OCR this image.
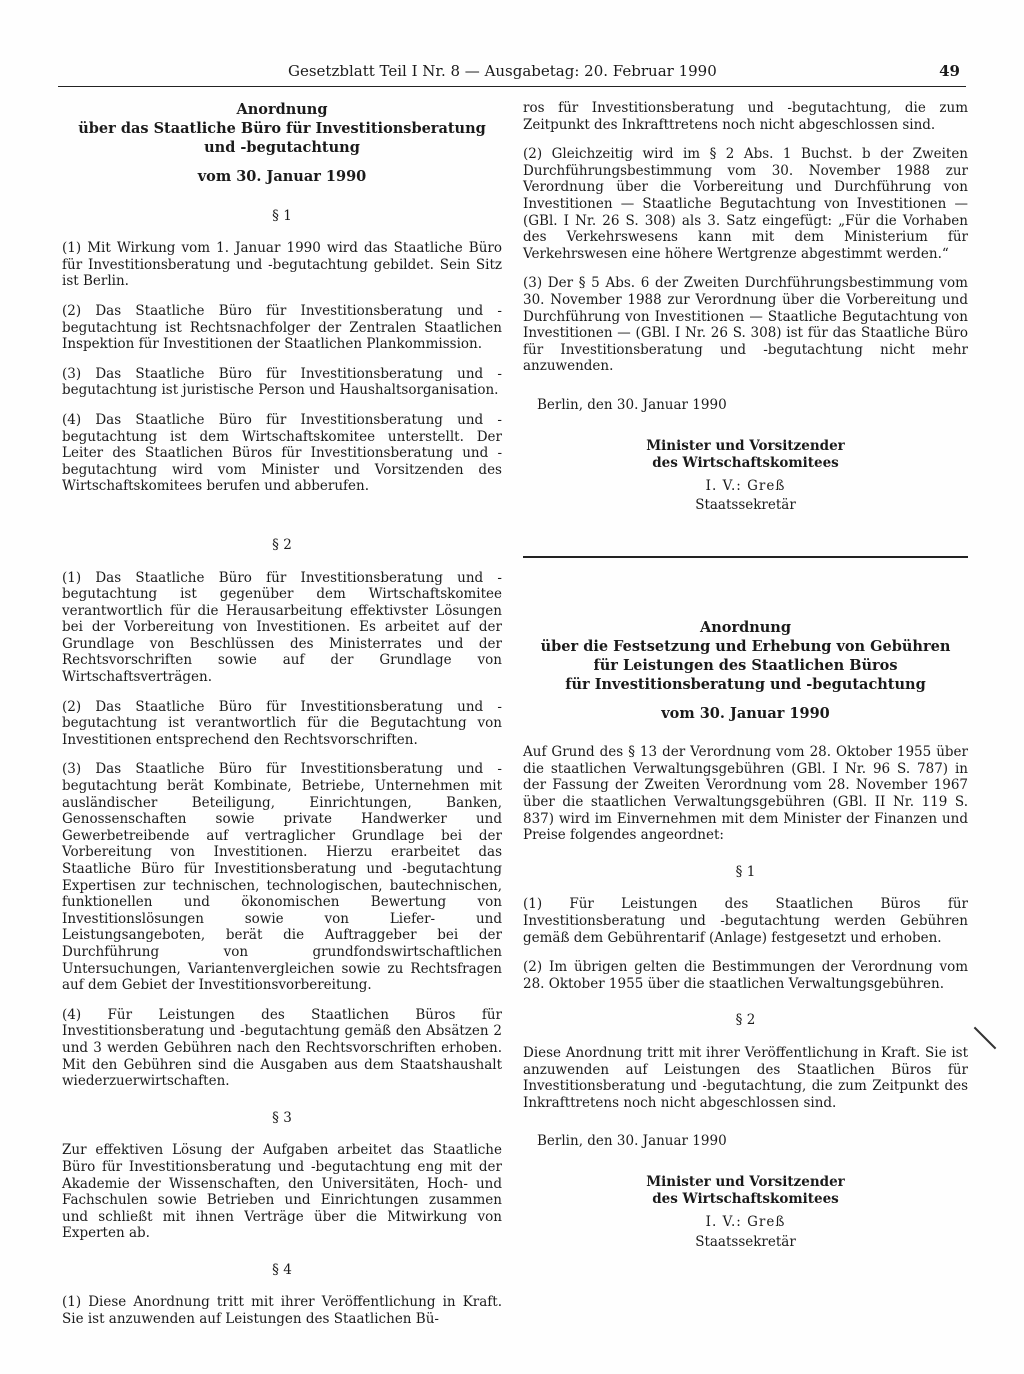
Gesetzblatt Teil I Nr. 8 — Ausgabetag: 20. Februar 1990	49
Anordnung
über das Staatliche Büro für Investitionsberatung
und -begutachtung
vom 30. Januar 1990
§ 1

(1) Mit Wirkung vom 1. Januar 1990 wird das Staatliche Büro für Investitionsberatung und -begutachtung gebildet. Sein Sitz ist Berlin.

(2) Das Staatliche Büro für Investitionsberatung und -begutachtung ist Rechtsnachfolger der Zentralen Staatlichen Inspektion für Investitionen der Staatlichen Plankommission.

(3) Das Staatliche Büro für Investitionsberatung und -begutachtung ist juristische Person und Haushaltsorganisation.

(4) Das Staatliche Büro für Investitionsberatung und -begutachtung ist dem Wirtschaftskomitee unterstellt. Der Leiter des Staatlichen Büros für Investitionsberatung und -begutachtung wird vom Minister und Vorsitzenden des Wirtschaftskomitees berufen und abberufen.

§ 2

(1) Das Staatliche Büro für Investitionsberatung und -begutachtung ist gegenüber dem Wirtschaftskomitee verantwortlich für die Herausarbeitung effektivster Lösungen bei der Vorbereitung von Investitionen. Es arbeitet auf der Grundlage von Beschlüssen des Ministerrates und der Rechtsvorschriften sowie auf der Grundlage von Wirtschaftsverträgen.

(2) Das Staatliche Büro für Investitionsberatung und -begutachtung ist verantwortlich für die Begutachtung von Investitionen entsprechend den Rechtsvorschriften.

(3) Das Staatliche Büro für Investitionsberatung und -begutachtung berät Kombinate, Betriebe, Unternehmen mit ausländischer Beteiligung, Einrichtungen, Banken, Genossenschaften sowie private Handwerker und Gewerbetreibende auf vertraglicher Grundlage bei der Vorbereitung von Investitionen. Hierzu erarbeitet das Staatliche Büro für Investitionsberatung und -begutachtung Expertisen zur technischen, technologischen, bautechnischen, funktionellen und ökonomischen Bewertung von Investitionslösungen sowie von Liefer- und Leistungsangeboten, berät die Auftraggeber bei der Durchführung von grundfondswirtschaftlichen Untersuchungen, Variantenvergleichen sowie zu Rechtsfragen auf dem Gebiet der Investitionsvorbereitung.

(4) Für Leistungen des Staatlichen Büros für Investitionsberatung und -begutachtung gemäß den Absätzen 2 und 3 werden Gebühren nach den Rechtsvorschriften erhoben. Mit den Gebühren sind die Ausgaben aus dem Staatshaushalt wiederzuerwirtschaften.

§ 3

Zur effektiven Lösung der Aufgaben arbeitet das Staatliche Büro für Investitionsberatung und -begutachtung eng mit der Akademie der Wissenschaften, den Universitäten, Hoch- und Fachschulen sowie Betrieben und Einrichtungen zusammen und schließt mit ihnen Verträge über die Mitwirkung von Experten ab.

§ 4

(1) Diese Anordnung tritt mit ihrer Veröffentlichung in Kraft. Sie ist anzuwenden auf Leistungen des Staatlichen Bü-

ros für Investitionsberatung und -begutachtung, die zum Zeitpunkt des Inkrafttretens noch nicht abgeschlossen sind.

(2) Gleichzeitig wird im § 2 Abs. 1 Buchst. b der Zweiten Durchführungsbestimmung vom 30. November 1988 zur Verordnung über die Vorbereitung und Durchführung von Investitionen — Staatliche Begutachtung von Investitionen — (GBl. I Nr. 26 S. 308) als 3. Satz eingefügt: „Für die Vorhaben des Verkehrswesens kann mit dem Ministerium für Verkehrswesen eine höhere Wertgrenze abgestimmt werden.“

(3) Der § 5 Abs. 6 der Zweiten Durchführungsbestimmung vom 30. November 1988 zur Verordnung über die Vorbereitung und Durchführung von Investitionen — Staatliche Begutachtung von Investitionen — (GBl. I Nr. 26 S. 308) ist für das Staatliche Büro für Investitionsberatung und -begutachtung nicht mehr anzuwenden.

Berlin, den 30. Januar 1990
Minister und Vorsitzender
des Wirtschaftskomitees
I. V.: Greß
Staatssekretär
Anordnung
über die Festsetzung und Erhebung von Gebühren
für Leistungen des Staatlichen Büros
für Investitionsberatung und -begutachtung
vom 30. Januar 1990

Auf Grund des § 13 der Verordnung vom 28. Oktober 1955 über die staatlichen Verwaltungsgebühren (GBl. I Nr. 96 S. 787) in der Fassung der Zweiten Verordnung vom 28. November 1967 über die staatlichen Verwaltungsgebühren (GBl. II Nr. 119 S. 837) wird im Einvernehmen mit dem Minister der Finanzen und Preise folgendes angeordnet:

§ 1

(1) Für Leistungen des Staatlichen Büros für Investitionsberatung und -begutachtung werden Gebühren gemäß dem Gebührentarif (Anlage) festgesetzt und erhoben.

(2) Im übrigen gelten die Bestimmungen der Verordnung vom 28. Oktober 1955 über die staatlichen Verwaltungsgebühren.

§ 2

Diese Anordnung tritt mit ihrer Veröffentlichung in Kraft. Sie ist anzuwenden auf Leistungen des Staatlichen Büros für Investitionsberatung und -begutachtung, die zum Zeitpunkt des Inkrafttretens noch nicht abgeschlossen sind.

Berlin, den 30. Januar 1990
Minister und Vorsitzender
des Wirtschaftskomitees
I. V.: Greß
Staatssekretär
